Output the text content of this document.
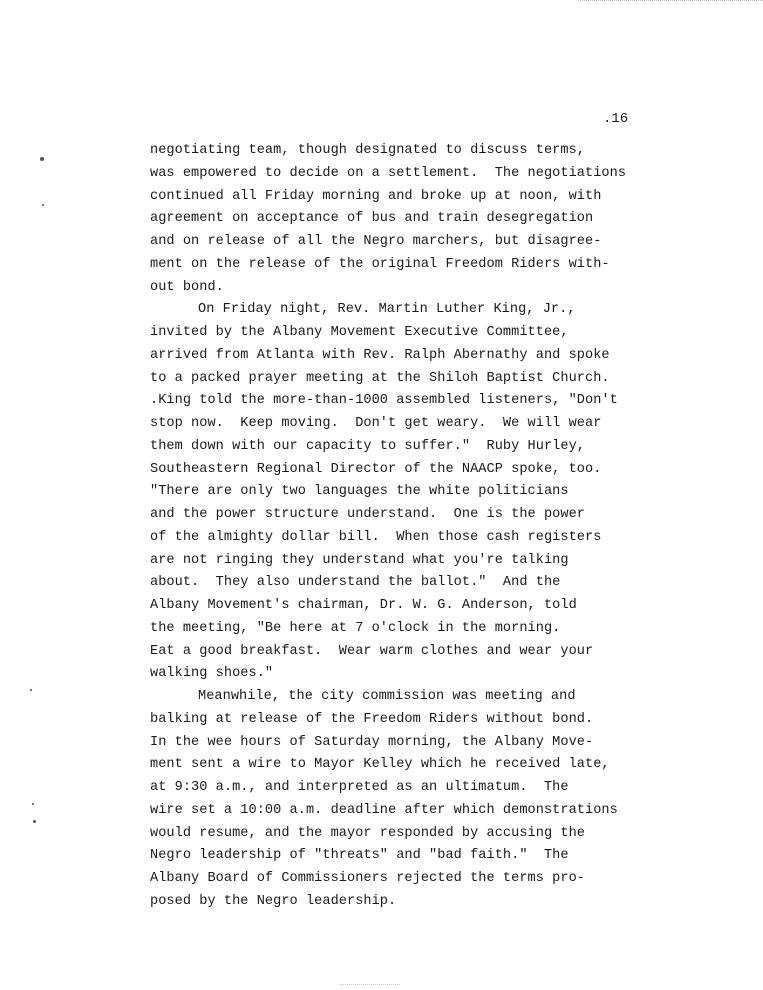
.16
negotiating team, though designated to discuss terms,
was empowered to decide on a settlement.  The negotiations
continued all Friday morning and broke up at noon, with
agreement on acceptance of bus and train desegregation
and on release of all the Negro marchers, but disagree-
ment on the release of the original Freedom Riders with-
out bond.
On Friday night, Rev. Martin Luther King, Jr.,
invited by the Albany Movement Executive Committee,
arrived from Atlanta with Rev. Ralph Abernathy and spoke
to a packed prayer meeting at the Shiloh Baptist Church.
.King told the more-than-1000 assembled listeners, "Don't
stop now.  Keep moving.  Don't get weary.  We will wear
them down with our capacity to suffer."  Ruby Hurley,
Southeastern Regional Director of the NAACP spoke, too.
"There are only two languages the white politicians
and the power structure understand.  One is the power
of the almighty dollar bill.  When those cash registers
are not ringing they understand what you're talking
about.  They also understand the ballot."  And the
Albany Movement's chairman, Dr. W. G. Anderson, told
the meeting, "Be here at 7 o'clock in the morning.
Eat a good breakfast.  Wear warm clothes and wear your
walking shoes."
Meanwhile, the city commission was meeting and
balking at release of the Freedom Riders without bond.
In the wee hours of Saturday morning, the Albany Move-
ment sent a wire to Mayor Kelley which he received late,
at 9:30 a.m., and interpreted as an ultimatum.  The
wire set a 10:00 a.m. deadline after which demonstrations
would resume, and the mayor responded by accusing the
Negro leadership of "threats" and "bad faith."  The
Albany Board of Commissioners rejected the terms pro-
posed by the Negro leadership.
